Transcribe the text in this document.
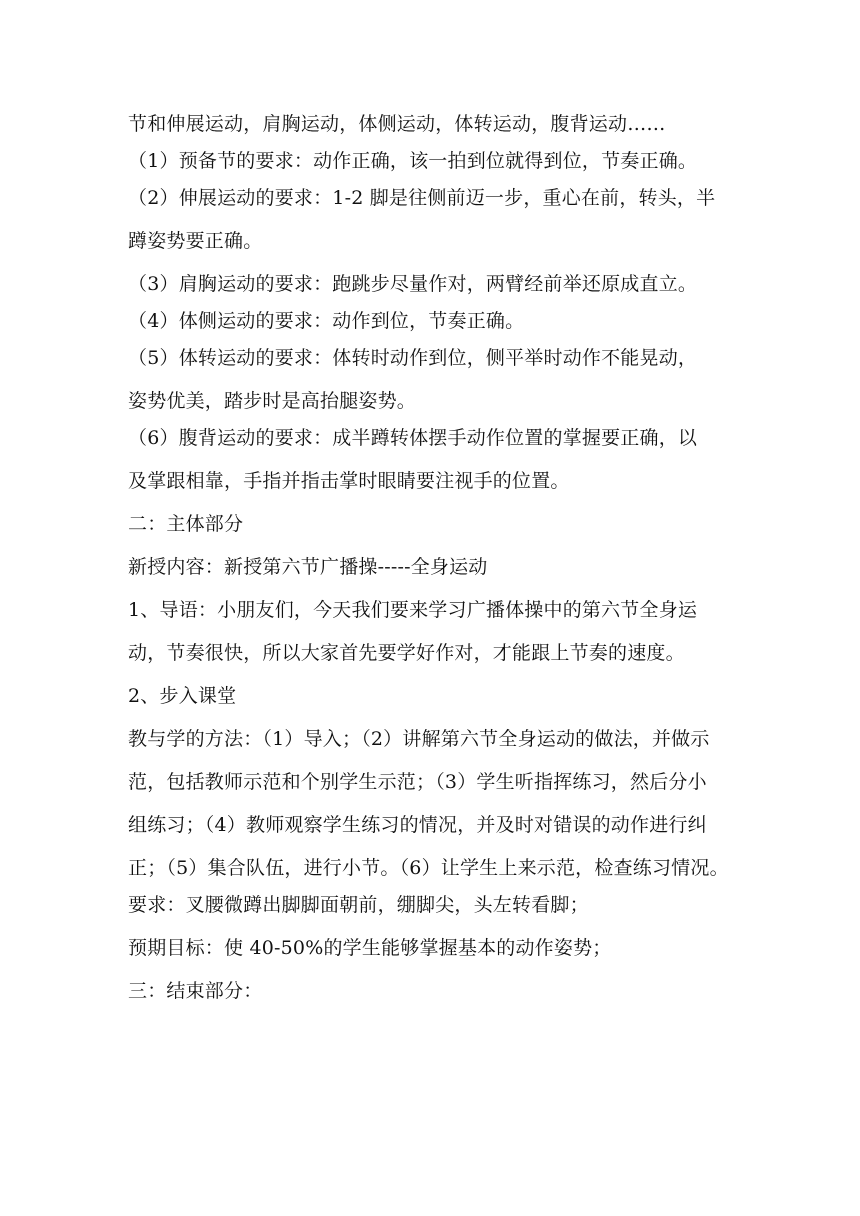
节和伸展运动，肩胸运动，体侧运动，体转运动，腹背运动……
（1）预备节的要求：动作正确，该一拍到位就得到位，节奏正确。
（2）伸展运动的要求：1-2 脚是往侧前迈一步，重心在前，转头，半
蹲姿势要正确。
（3）肩胸运动的要求：跑跳步尽量作对，两臂经前举还原成直立。
（4）体侧运动的要求：动作到位，节奏正确。
（5）体转运动的要求：体转时动作到位，侧平举时动作不能晃动，
姿势优美，踏步时是高抬腿姿势。
（6）腹背运动的要求：成半蹲转体摆手动作位置的掌握要正确，以
及掌跟相靠，手指并指击掌时眼睛要注视手的位置。
二：主体部分
新授内容：新授第六节广播操-----全身运动
1、导语：小朋友们，今天我们要来学习广播体操中的第六节全身运
动，节奏很快，所以大家首先要学好作对，才能跟上节奏的速度。
2、步入课堂
教与学的方法：（1）导入；（2）讲解第六节全身运动的做法，并做示
范，包括教师示范和个别学生示范；（3）学生听指挥练习，然后分小
组练习；（4）教师观察学生练习的情况，并及时对错误的动作进行纠
正；（5）集合队伍，进行小节。（6）让学生上来示范，检查练习情况。
要求：叉腰微蹲出脚脚面朝前，绷脚尖，头左转看脚；
预期目标：使 40-50%的学生能够掌握基本的动作姿势；
三：结束部分：
